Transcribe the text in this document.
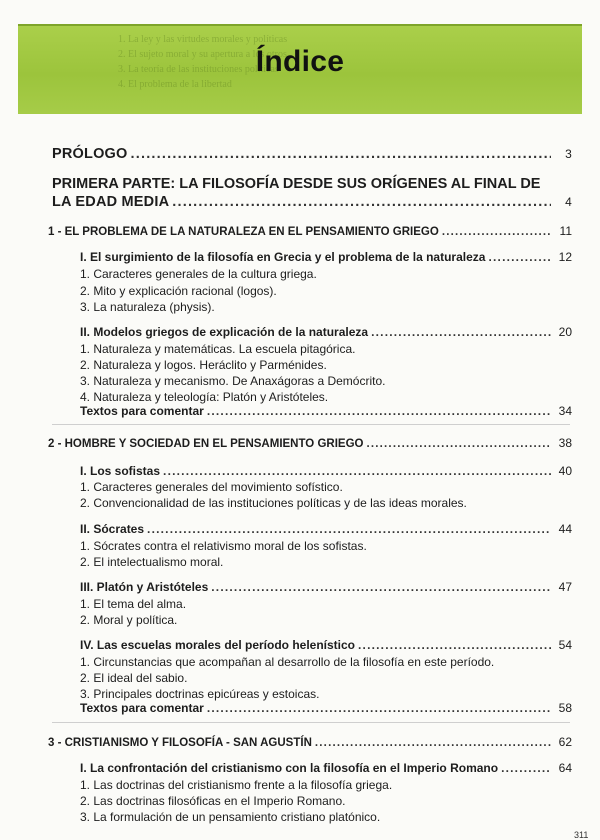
1. La ley y las virtudes morales y políticas
2. El sujeto moral y su apertura a los otros
3. La teoría de las instituciones políticas
4. El problema de la libertad
Índice
PRÓLOGO .....	3
PRIMERA PARTE: LA FILOSOFÍA DESDE SUS ORÍGENES AL FINAL DE
LA EDAD MEDIA .....	4
1 - EL PROBLEMA DE LA NATURALEZA EN EL PENSAMIENTO GRIEGO .....	11
I. El surgimiento de la filosofía en Grecia y el problema de la naturaleza .....	12
1. Caracteres generales de la cultura griega.
2. Mito y explicación racional (logos).
3. La naturaleza (physis).
II. Modelos griegos de explicación de la naturaleza .....	20
1. Naturaleza y matemáticas. La escuela pitagórica.
2. Naturaleza y logos. Heráclito y Parménides.
3. Naturaleza y mecanismo. De Anaxágoras a Demócrito.
4. Naturaleza y teleología: Platón y Aristóteles.
Textos para comentar .....	34
2 - HOMBRE Y SOCIEDAD EN EL PENSAMIENTO GRIEGO .....	38
I. Los sofistas .....	40
1. Caracteres generales del movimiento sofístico.
2. Convencionalidad de las instituciones políticas y de las ideas morales.
II. Sócrates .....	44
1. Sócrates contra el relativismo moral de los sofistas.
2. El intelectualismo moral.
III. Platón y Aristóteles .....	47
1. El tema del alma.
2. Moral y política.
IV. Las escuelas morales del período helenístico .....	54
1. Circunstancias que acompañan al desarrollo de la filosofía en este período.
2. El ideal del sabio.
3. Principales doctrinas epicúreas y estoicas.
Textos para comentar .....	58
3 - CRISTIANISMO Y FILOSOFÍA - SAN AGUSTÍN .....	62
I. La confrontación del cristianismo con la filosofía en el Imperio Romano .....	64
1. Las doctrinas del cristianismo frente a la filosofía griega.
2. Las doctrinas filosóficas en el Imperio Romano.
3. La formulación de un pensamiento cristiano platónico.
311
